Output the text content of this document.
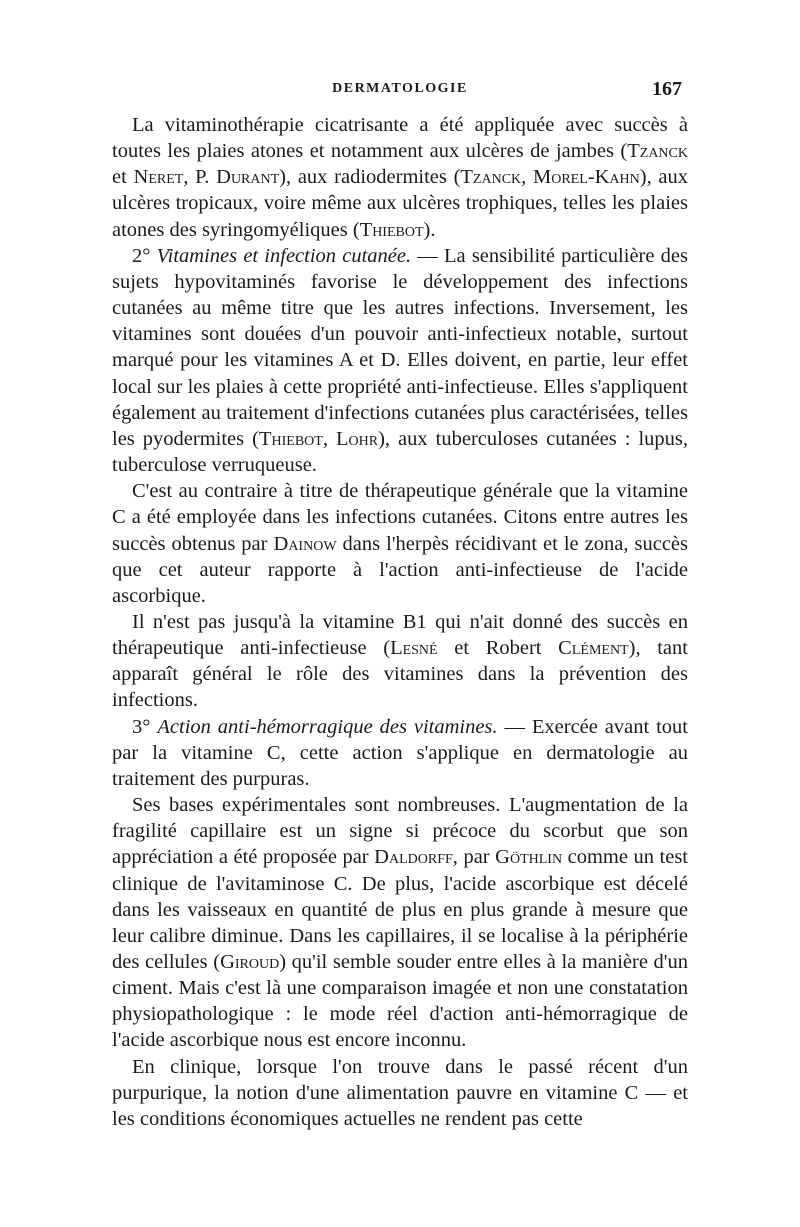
DERMATOLOGIE	167

La vitaminothérapie cicatrisante a été appliquée avec succès à toutes les plaies atones et notamment aux ulcères de jambes (Tzanck et Neret, P. Durant), aux radiodermites (Tzanck, Morel-Kahn), aux ulcères tropicaux, voire même aux ulcères trophiques, telles les plaies atones des syringomyéliques (Thiebot).

2° Vitamines et infection cutanée. — La sensibilité particulière des sujets hypovitaminés favorise le développement des infections cutanées au même titre que les autres infections. Inversement, les vitamines sont douées d'un pouvoir anti-infectieux notable, surtout marqué pour les vitamines A et D. Elles doivent, en partie, leur effet local sur les plaies à cette propriété anti-infectieuse. Elles s'appliquent également au traitement d'infections cutanées plus caractérisées, telles les pyodermites (Thiebot, Lohr), aux tuberculoses cutanées : lupus, tuberculose verruqueuse.

C'est au contraire à titre de thérapeutique générale que la vitamine C a été employée dans les infections cutanées. Citons entre autres les succès obtenus par Dainow dans l'herpès récidivant et le zona, succès que cet auteur rapporte à l'action anti-infectieuse de l'acide ascorbique.

Il n'est pas jusqu'à la vitamine B1 qui n'ait donné des succès en thérapeutique anti-infectieuse (Lesné et Robert Clément), tant apparaît général le rôle des vitamines dans la prévention des infections.

3° Action anti-hémorragique des vitamines. — Exercée avant tout par la vitamine C, cette action s'applique en dermatologie au traitement des purpuras.

Ses bases expérimentales sont nombreuses. L'augmentation de la fragilité capillaire est un signe si précoce du scorbut que son appréciation a été proposée par Daldorff, par Göthlin comme un test clinique de l'avitaminose C. De plus, l'acide ascorbique est décelé dans les vaisseaux en quantité de plus en plus grande à mesure que leur calibre diminue. Dans les capillaires, il se localise à la périphérie des cellules (Giroud) qu'il semble souder entre elles à la manière d'un ciment. Mais c'est là une comparaison imagée et non une constatation physiopathologique : le mode réel d'action anti-hémorragique de l'acide ascorbique nous est encore inconnu.

En clinique, lorsque l'on trouve dans le passé récent d'un purpurique, la notion d'une alimentation pauvre en vitamine C — et les conditions économiques actuelles ne rendent pas cette
